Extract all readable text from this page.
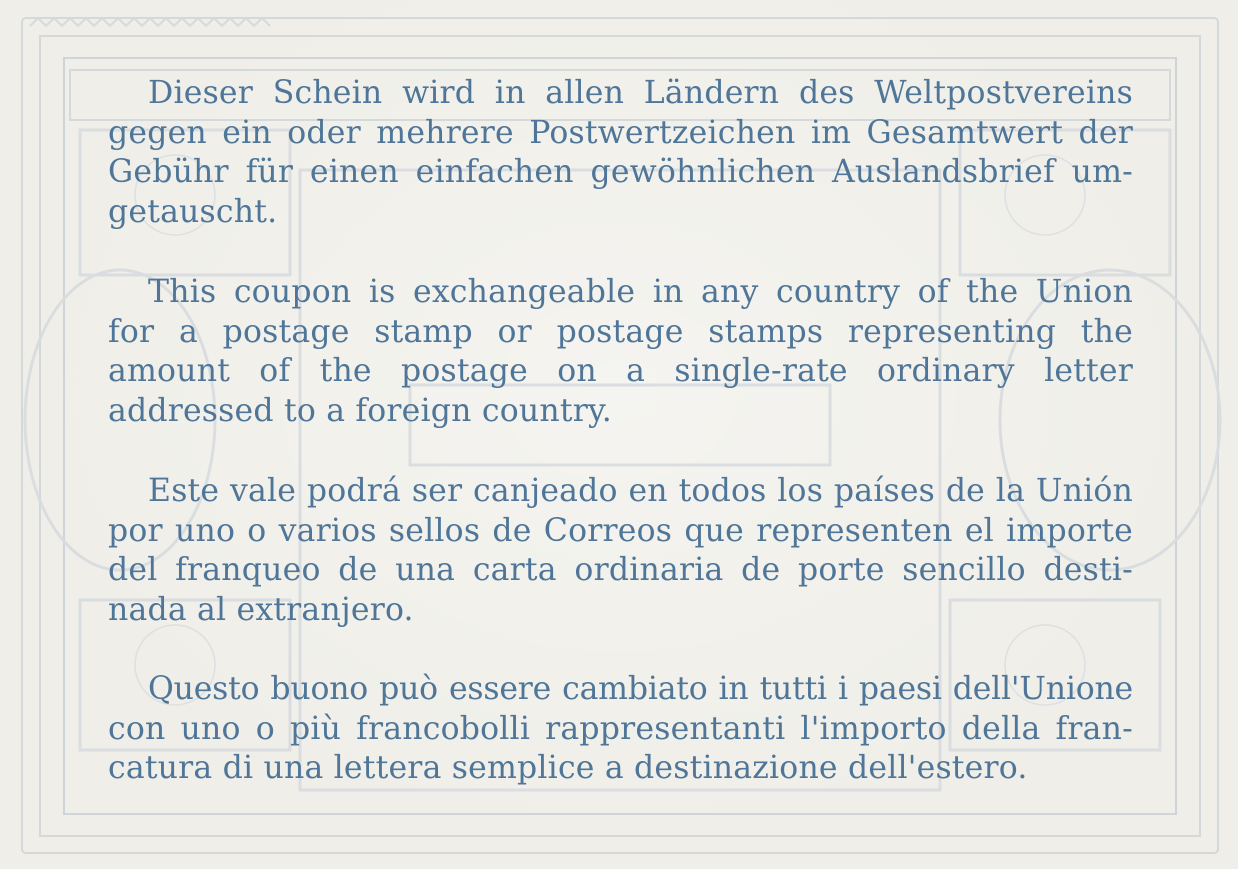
Dieser Schein wird in allen Ländern des Weltpostvereins
gegen ein oder mehrere Postwertzeichen im Gesamtwert der
Gebühr für einen einfachen gewöhnlichen Auslandsbrief um-
getauscht.
This coupon is exchangeable in any country of the Union
for a postage stamp or postage stamps representing the
amount of the postage on a single-rate ordinary letter
addressed to a foreign country.
Este vale podrá ser canjeado en todos los países de la Unión
por uno o varios sellos de Correos que representen el importe
del franqueo de una carta ordinaria de porte sencillo desti-
nada al extranjero.
Questo buono può essere cambiato in tutti i paesi dell'Unione
con uno o più francobolli rappresentanti l'importo della fran-
catura di una lettera semplice a destinazione dell'estero.
